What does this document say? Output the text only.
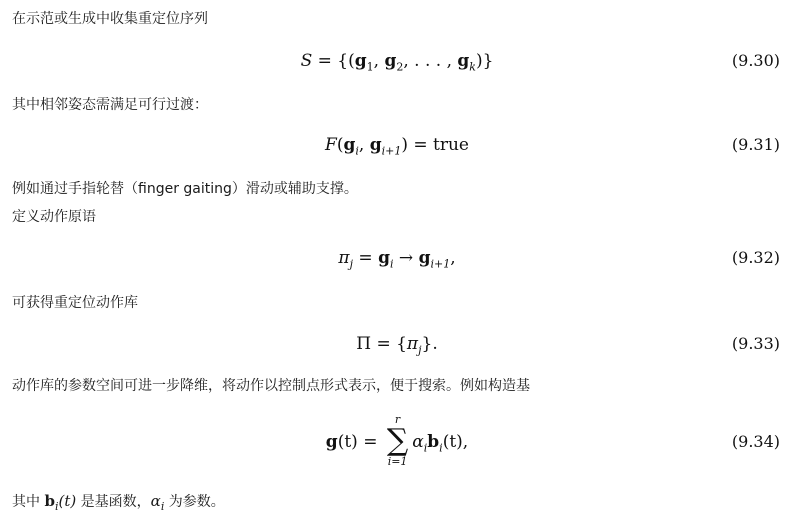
在示范或生成中收集重定位序列
$S = \{(g_1$, $g_2$, . . . , $g_k$)}	(9.30)
其中相邻姿态需满足可行过渡：
$F(g_i$, $g_{i+1}$) = true	(9.31)
例如通过手指轮替（finger gaiting）滑动或辅助支撑。
定义动作原语
$\pi_j = g_i \to g_{i+1}$,	(9.32)
可获得重定位动作库
$\Pi = \{\pi_j\}$.	(9.33)
动作库的参数空间可进一步降维，将动作以控制点形式表示，便于搜索。例如构造基
g(t) =
r
∑
i=1
$\alpha_ib_i(t)$,	(9.34)
其中 $b_i(t)$ 是基函数，$\alpha_i$ 为参数。
